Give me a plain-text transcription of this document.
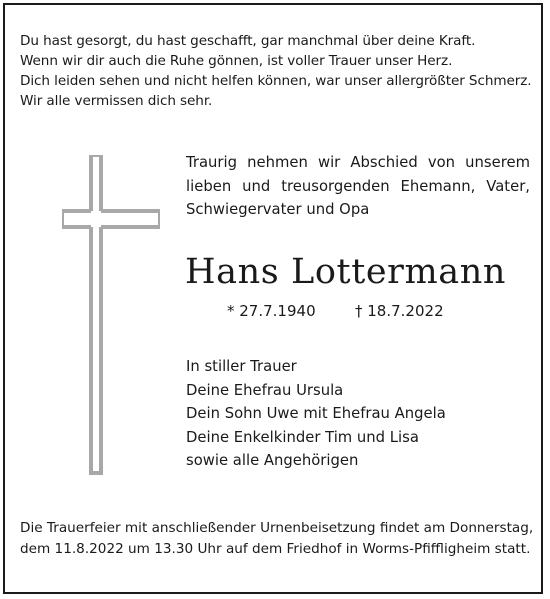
Du hast gesorgt, du hast geschafft, gar manchmal über deine Kraft.
Wenn wir dir auch die Ruhe gönnen, ist voller Trauer unser Herz.
Dich leiden sehen und nicht helfen können, war unser allergrößter Schmerz.
Wir alle vermissen dich sehr.
Traurig nehmen wir Abschied von unserem
lieben und treusorgenden Ehemann, Vater,
Schwiegervater und Opa
Hans Lottermann
* 27.7.1940	† 18.7.2022
In stiller Trauer
Deine Ehefrau Ursula
Dein Sohn Uwe mit Ehefrau Angela
Deine Enkelkinder Tim und Lisa
sowie alle Angehörigen
Die Trauerfeier mit anschließender Urnenbeisetzung findet am Donnerstag,
dem 11.8.2022 um 13.30 Uhr auf dem Friedhof in Worms-Pfiffligheim statt.
